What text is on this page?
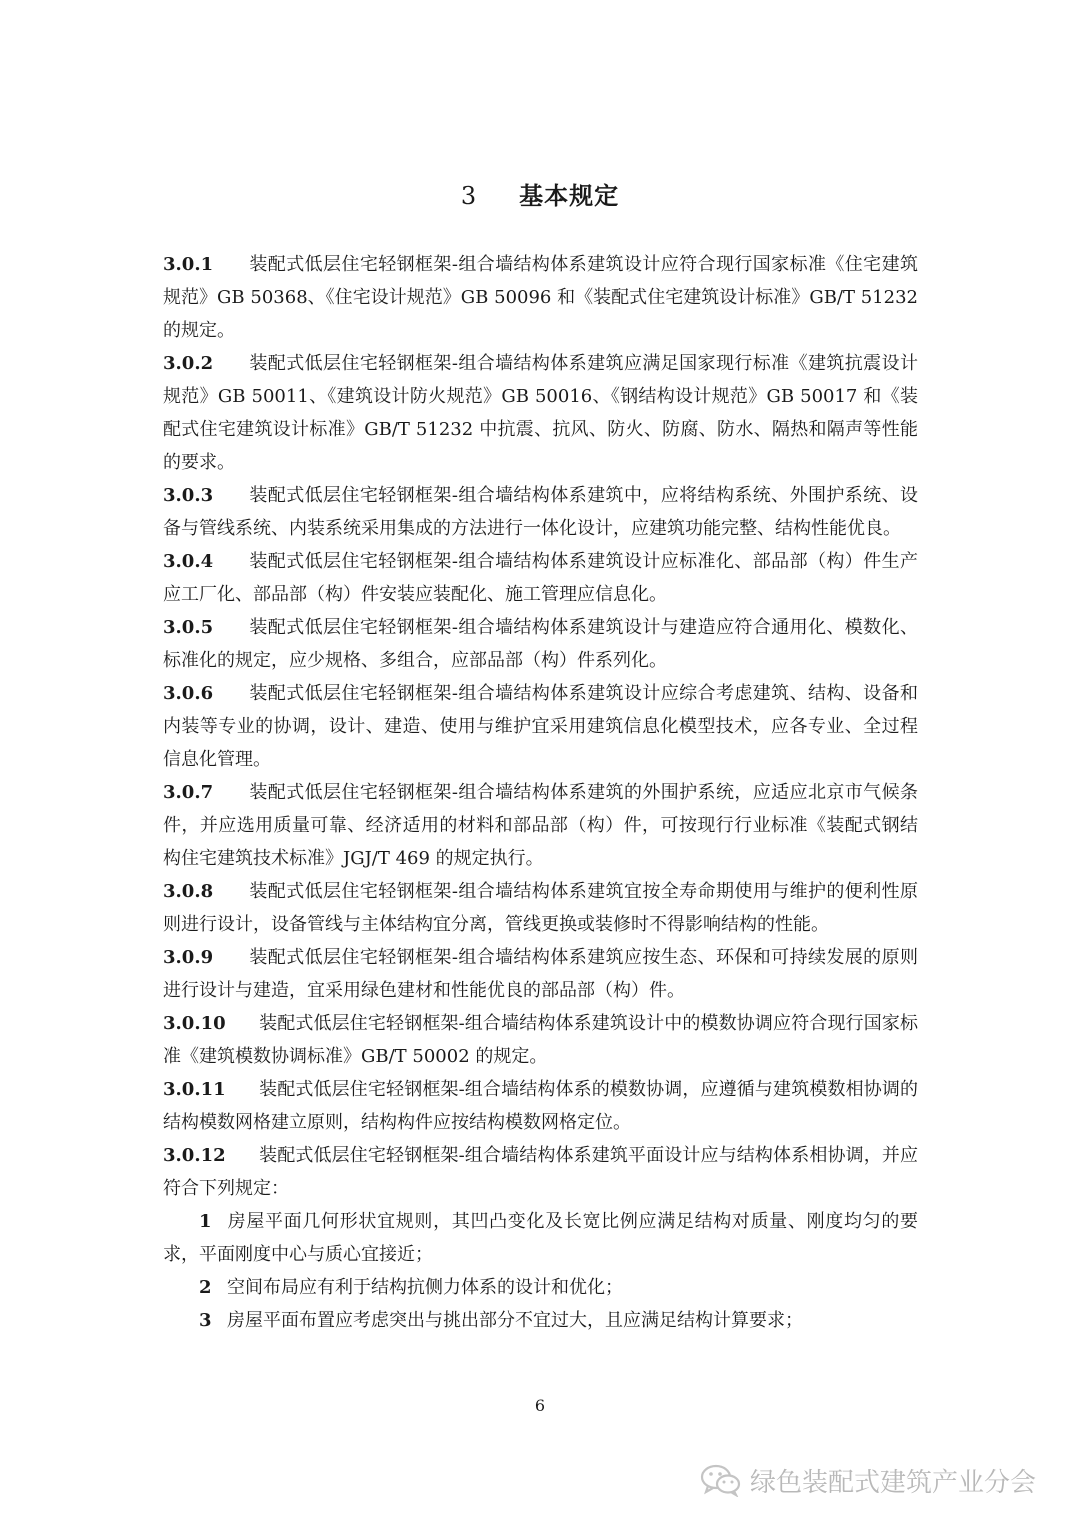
3 基本规定

3.0.1 装配式低层住宅轻钢框架-组合墙结构体系建筑设计应符合现行国家标准《住宅建筑规范》GB 50368、《住宅设计规范》GB 50096 和《装配式住宅建筑设计标准》GB/T 51232 的规定。

3.0.2 装配式低层住宅轻钢框架-组合墙结构体系建筑应满足国家现行标准《建筑抗震设计规范》GB 50011、《建筑设计防火规范》GB 50016、《钢结构设计规范》GB 50017 和《装配式住宅建筑设计标准》GB/T 51232 中抗震、抗风、防火、防腐、防水、隔热和隔声等性能的要求。

3.0.3 装配式低层住宅轻钢框架-组合墙结构体系建筑中，应将结构系统、外围护系统、设备与管线系统、内装系统采用集成的方法进行一体化设计，应建筑功能完整、结构性能优良。

3.0.4 装配式低层住宅轻钢框架-组合墙结构体系建筑设计应标准化、部品部（构）件生产应工厂化、部品部（构）件安装应装配化、施工管理应信息化。

3.0.5 装配式低层住宅轻钢框架-组合墙结构体系建筑设计与建造应符合通用化、模数化、标准化的规定，应少规格、多组合，应部品部（构）件系列化。

3.0.6 装配式低层住宅轻钢框架-组合墙结构体系建筑设计应综合考虑建筑、结构、设备和内装等专业的协调，设计、建造、使用与维护宜采用建筑信息化模型技术，应各专业、全过程信息化管理。

3.0.7 装配式低层住宅轻钢框架-组合墙结构体系建筑的外围护系统，应适应北京市气候条件，并应选用质量可靠、经济适用的材料和部品部（构）件，可按现行行业标准《装配式钢结构住宅建筑技术标准》JGJ/T 469 的规定执行。

3.0.8 装配式低层住宅轻钢框架-组合墙结构体系建筑宜按全寿命期使用与维护的便利性原则进行设计，设备管线与主体结构宜分离，管线更换或装修时不得影响结构的性能。

3.0.9 装配式低层住宅轻钢框架-组合墙结构体系建筑应按生态、环保和可持续发展的原则进行设计与建造，宜采用绿色建材和性能优良的部品部（构）件。

3.0.10 装配式低层住宅轻钢框架-组合墙结构体系建筑设计中的模数协调应符合现行国家标准《建筑模数协调标准》GB/T 50002 的规定。

3.0.11 装配式低层住宅轻钢框架-组合墙结构体系的模数协调，应遵循与建筑模数相协调的结构模数网格建立原则，结构构件应按结构模数网格定位。

3.0.12 装配式低层住宅轻钢框架-组合墙结构体系建筑平面设计应与结构体系相协调，并应符合下列规定：

1 房屋平面几何形状宜规则，其凹凸变化及长宽比例应满足结构对质量、刚度均匀的要求，平面刚度中心与质心宜接近；

2 空间布局应有利于结构抗侧力体系的设计和优化；

3 房屋平面布置应考虑突出与挑出部分不宜过大，且应满足结构计算要求；

6
绿色装配式建筑产业分会
